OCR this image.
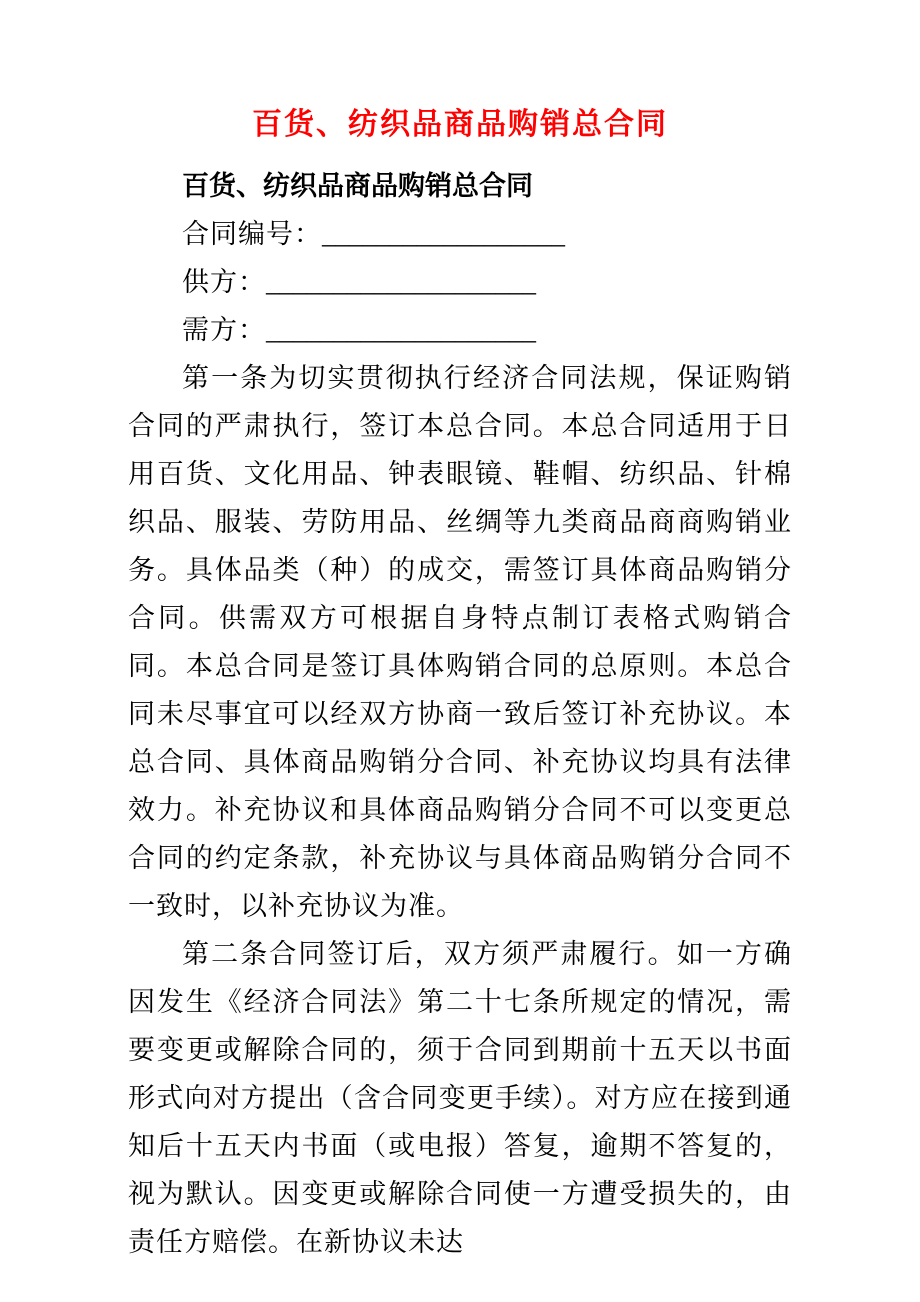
百货、纺织品商品购销总合同

百货、纺织品商品购销总合同

合同编号：__________________

供方：____________________

需方：____________________

第一条为切实贯彻执行经济合同法规，保证购销合同的严肃执行，签订本总合同。本总合同适用于日用百货、文化用品、钟表眼镜、鞋帽、纺织品、针棉织品、服装、劳防用品、丝绸等九类商品商商购销业务。具体品类（种）的成交，需签订具体商品购销分合同。供需双方可根据自身特点制订表格式购销合同。本总合同是签订具体购销合同的总原则。本总合同未尽事宜可以经双方协商一致后签订补充协议。本总合同、具体商品购销分合同、补充协议均具有法律效力。补充协议和具体商品购销分合同不可以变更总合同的约定条款，补充协议与具体商品购销分合同不一致时，以补充协议为准。

第二条合同签订后，双方须严肃履行。如一方确因发生《经济合同法》第二十七条所规定的情况，需要变更或解除合同的，须于合同到期前十五天以书面形式向对方提出（含合同变更手续）。对方应在接到通知后十五天内书面（或电报）答复，逾期不答复的，视为默认。因变更或解除合同使一方遭受损失的，由责任方赔偿。在新协议未达
